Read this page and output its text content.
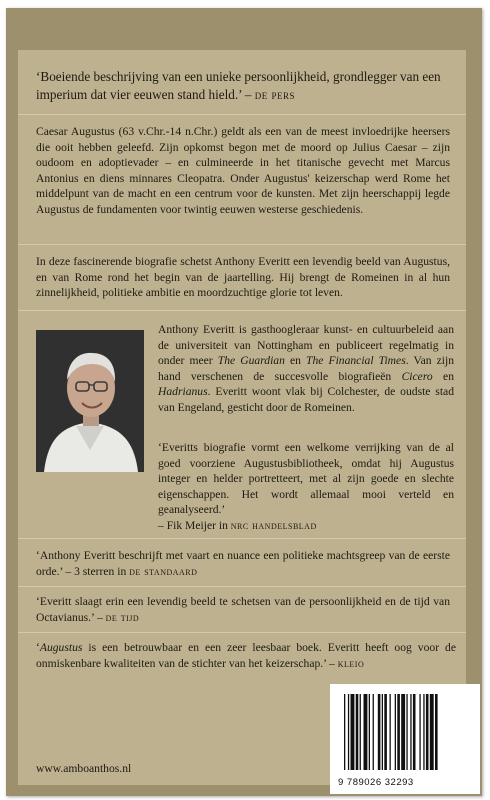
‘Boeiende beschrijving van een unieke persoonlijkheid, grondlegger van een imperium dat vier eeuwen stand hield.’ – de pers

Caesar Augustus (63 v.Chr.-14 n.Chr.) geldt als een van de meest invloedrijke heersers die ooit hebben geleefd. Zijn opkomst begon met de moord op Julius Caesar – zijn oudoom en adoptievader – en culmineerde in het titanische gevecht met Marcus Antonius en diens minnares Cleopatra. Onder Augustus' keizerschap werd Rome het middelpunt van de macht en een centrum voor de kunsten. Met zijn heerschappij legde Augustus de fundamenten voor twintig eeuwen westerse geschiedenis.

In deze fascinerende biografie schetst Anthony Everitt een levendig beeld van Augustus, en van Rome rond het begin van de jaartelling. Hij brengt de Romeinen in al hun zinnelijkheid, politieke ambitie en moordzuchtige glorie tot leven.

Anthony Everitt is gasthoogleraar kunst- en cultuurbeleid aan de universiteit van Nottingham en publiceert regelmatig in onder meer The Guardian en The Financial Times. Van zijn hand verschenen de succesvolle biografieën Cicero en Hadrianus. Everitt woont vlak bij Colchester, de oudste stad van Engeland, gesticht door de Romeinen.

‘Everitts biografie vormt een welkome verrijking van de al goed voorziene Augustusbibliotheek, omdat hij Augustus integer en helder portretteert, met al zijn goede en slechte eigenschappen. Het wordt allemaal mooi verteld en geanalyseerd.’
– Fik Meijer in nrc handelsblad

‘Anthony Everitt beschrijft met vaart en nuance een politieke machtsgreep van de eerste orde.’ – 3 sterren in de standaard

‘Everitt slaagt erin een levendig beeld te schetsen van de persoonlijkheid en de tijd van Octavianus.’ – de tijd

‘Augustus is een betrouwbaar en een zeer leesbaar boek. Everitt heeft oog voor de onmiskenbare kwaliteiten van de stichter van het keizerschap.’ – kleio

www.amboanthos.nl
9 789026 32293
